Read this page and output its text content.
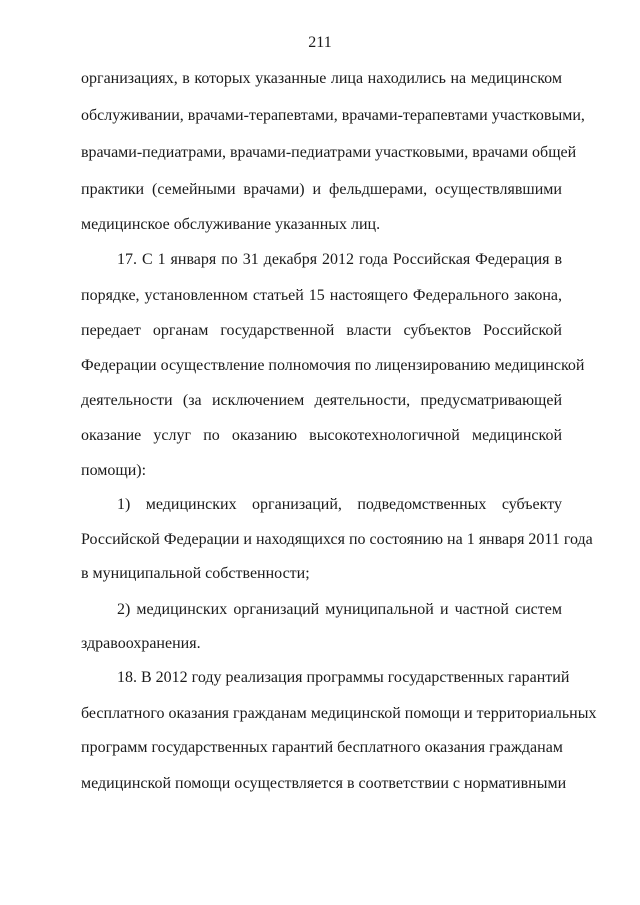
211
организациях, в которых указанные лица находились на медицинском
обслуживании, врачами-терапевтами, врачами-терапевтами участковыми,
врачами-педиатрами, врачами-педиатрами участковыми, врачами общей
практики (семейными врачами) и фельдшерами, осуществлявшими
медицинское обслуживание указанных лиц.
17. С 1 января по 31 декабря 2012 года Российская Федерация в
порядке, установленном статьей 15 настоящего Федерального закона,
передает органам государственной власти субъектов Российской
Федерации осуществление полномочия по лицензированию медицинской
деятельности (за исключением деятельности, предусматривающей
оказание услуг по оказанию высокотехнологичной медицинской
помощи):
1) медицинских организаций, подведомственных субъекту
Российской Федерации и находящихся по состоянию на 1 января 2011 года
в муниципальной собственности;
2) медицинских организаций муниципальной и частной систем
здравоохранения.
18. В 2012 году реализация программы государственных гарантий
бесплатного оказания гражданам медицинской помощи и территориальных
программ государственных гарантий бесплатного оказания гражданам
медицинской помощи осуществляется в соответствии с нормативными
